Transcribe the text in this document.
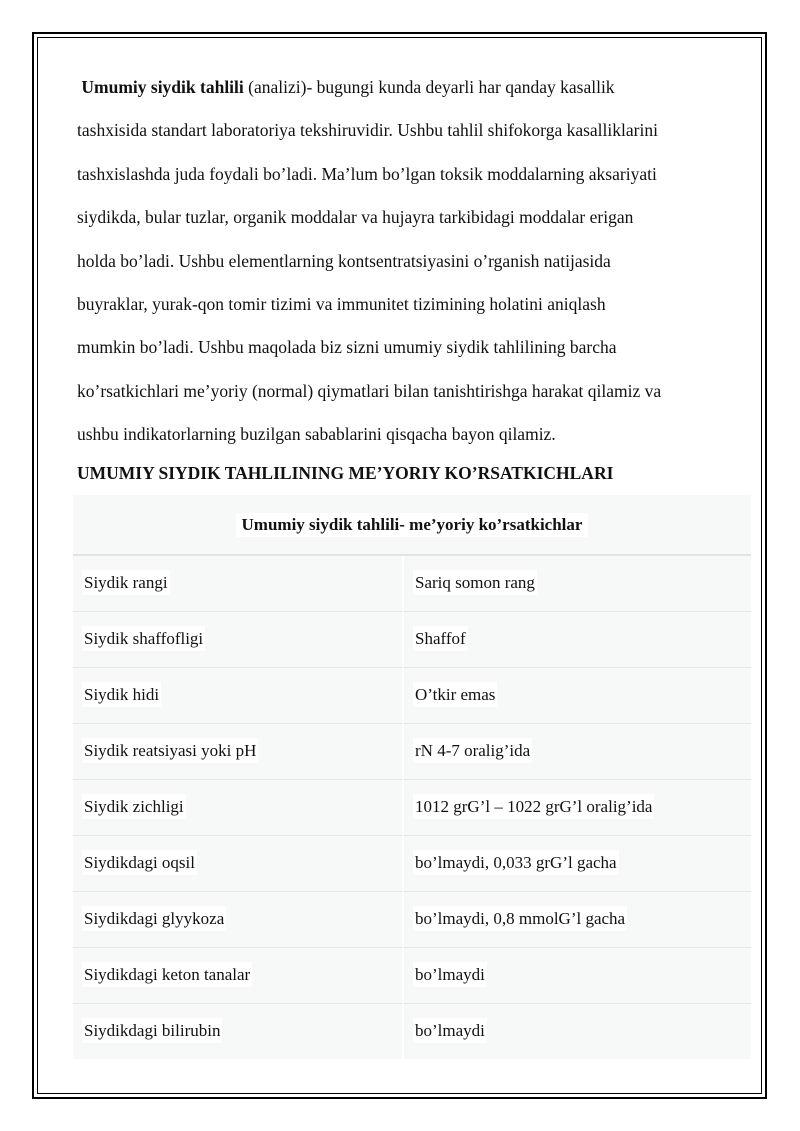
Umumiy siydik tahlili (analizi)- bugungi kunda deyarli har qanday kasallik
tashxisida standart laboratoriya tekshiruvidir. Ushbu tahlil shifokorga kasalliklarini
tashxislashda juda foydali bo’ladi. Ma’lum bo’lgan toksik moddalarning aksariyati
siydikda, bular tuzlar, organik moddalar va hujayra tarkibidagi moddalar erigan
holda bo’ladi. Ushbu elementlarning kontsentratsiyasini o’rganish natijasida
buyraklar, yurak-qon tomir tizimi va immunitet tizimining holatini aniqlash
mumkin bo’ladi. Ushbu maqolada biz sizni umumiy siydik tahlilining barcha
ko’rsatkichlari me’yoriy (normal) qiymatlari bilan tanishtirishga harakat qilamiz va
ushbu indikatorlarning buzilgan sabablarini qisqacha bayon qilamiz.

UMUMIY SIYDIK TAHLILINING ME’YORIY KO’RSATKICHLARI
Umumiy siydik tahlili- me’yoriy ko’rsatkichlar	
Siydik rangi	Sariq somon rang
Siydik shaffofligi	Shaffof
Siydik hidi	O’tkir emas
Siydik reatsiyasi yoki pH	rN 4-7 oralig’ida
Siydik zichligi	1012 grG’l – 1022 grG’l oralig’ida
Siydikdagi oqsil	bo’lmaydi, 0,033 grG’l gacha
Siydikdagi glyykoza	bo’lmaydi, 0,8 mmolG’l gacha
Siydikdagi keton tanalar	bo’lmaydi
Siydikdagi bilirubin	bo’lmaydi
